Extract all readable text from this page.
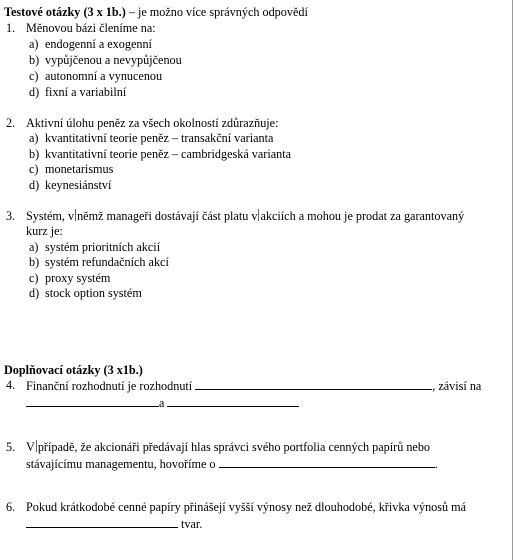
Testové otázky (3 x 1b.) – je možno více správných odpovědí
1. Měnovou bázi členíme na:
a) endogenní a exogenní
b) vypůjčenou a nevypůjčenou
c) autonomní a vynucenou
d) fixní a variabilní
2. Aktivní úlohu peněz za všech okolností zdůrazňuje:
a) kvantitativní teorie peněz – transakční varianta
b) kvantitativní teorie peněz – cambridgeská varianta
c) monetarismus
d) keynesiánství
3. Systém, v němž manageři dostávají část platu v akciích a mohou je prodat za garantovaný
kurz je:
a) systém prioritních akcií
b) systém refundačních akcí
c) proxy systém
d) stock option systém
Doplňovací otázky (3 x1b.)
4. Finanční rozhodnutí je rozhodnutí	, závisí na
a
5. V případě, že akcionáři předávají hlas správci svého portfolia cenných papírů nebo
stávajícímu managementu, hovoříme o	.
6. Pokud krátkodobé cenné papíry přinášejí vyšší výnosy než dlouhodobé, křivka výnosů má
tvar.
